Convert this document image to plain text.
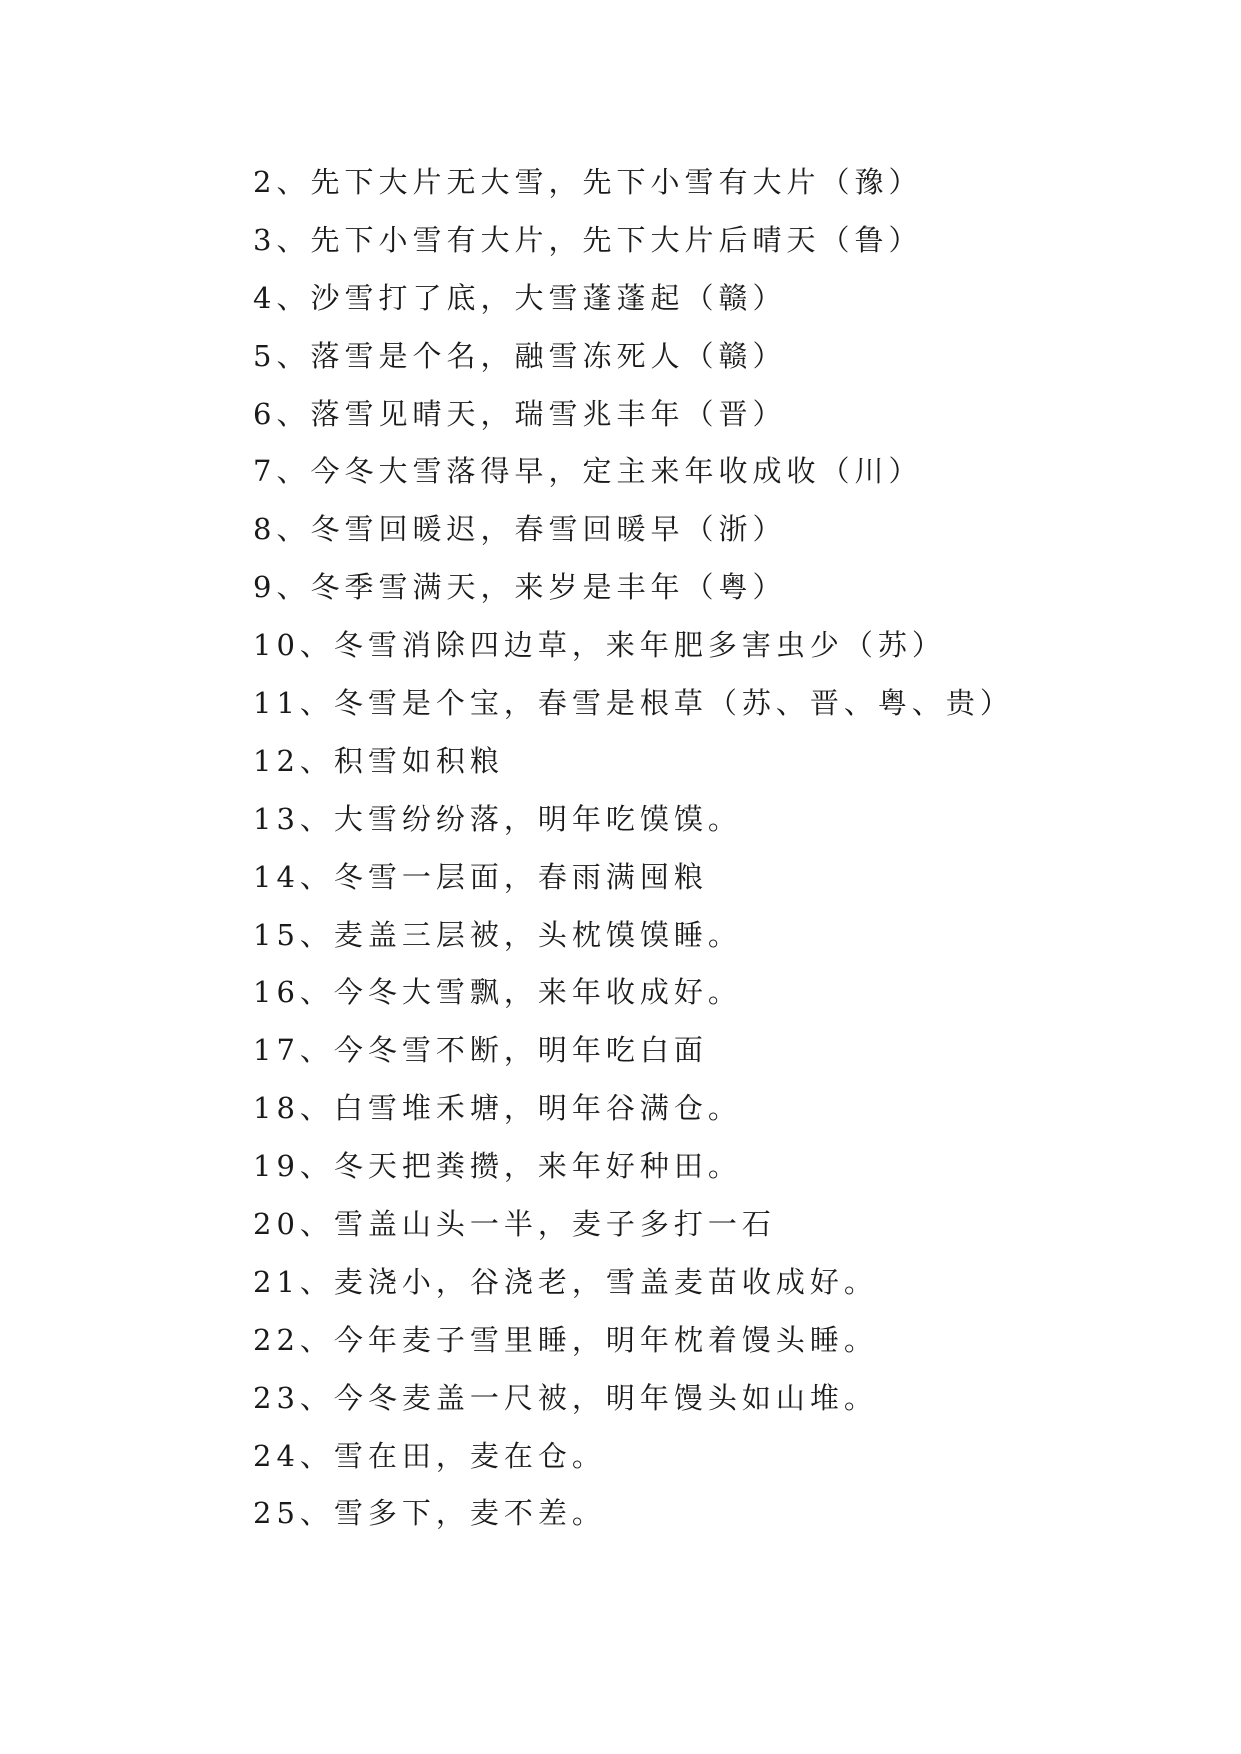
2、先下大片无大雪，先下小雪有大片（豫）
3、先下小雪有大片，先下大片后晴天（鲁）
4、沙雪打了底，大雪蓬蓬起（赣）
5、落雪是个名，融雪冻死人（赣）
6、落雪见晴天，瑞雪兆丰年（晋）
7、今冬大雪落得早，定主来年收成收（川）
8、冬雪回暖迟，春雪回暖早（浙）
9、冬季雪满天，来岁是丰年（粤）
10、冬雪消除四边草，来年肥多害虫少（苏）
11、冬雪是个宝，春雪是根草（苏、晋、粤、贵）
12、积雪如积粮
13、大雪纷纷落，明年吃馍馍。
14、冬雪一层面，春雨满囤粮
15、麦盖三层被，头枕馍馍睡。
16、今冬大雪飘，来年收成好。
17、今冬雪不断，明年吃白面
18、白雪堆禾塘，明年谷满仓。
19、冬天把粪攒，来年好种田。
20、雪盖山头一半，麦子多打一石
21、麦浇小，谷浇老，雪盖麦苗收成好。
22、今年麦子雪里睡，明年枕着馒头睡。
23、今冬麦盖一尺被，明年馒头如山堆。
24、雪在田，麦在仓。
25、雪多下，麦不差。
